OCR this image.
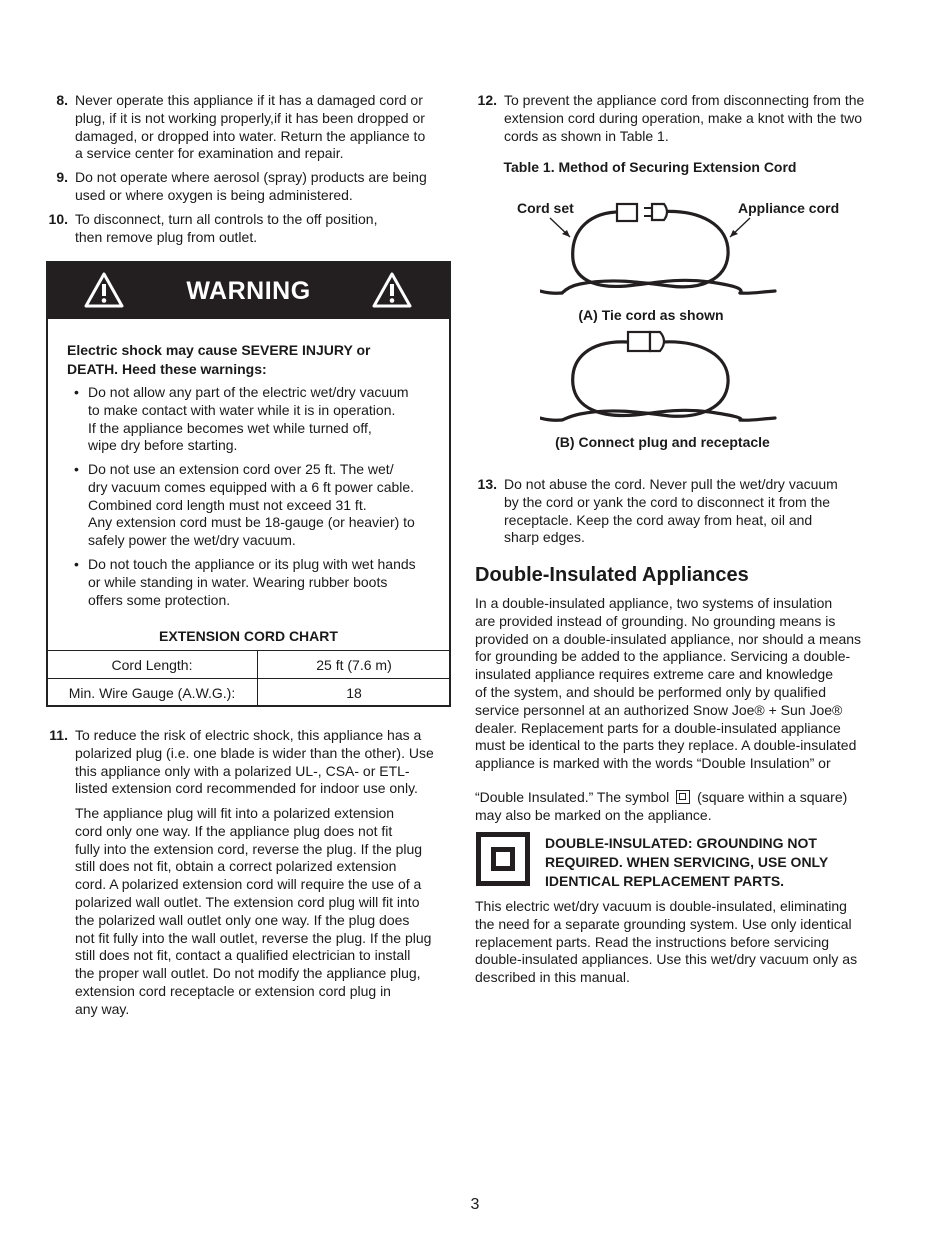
8. Never operate this appliance if it has a damaged cord or
plug, if it is not working properly,if it has been dropped or
damaged, or dropped into water. Return the appliance to
a service center for examination and repair.
9. Do not operate where aerosol (spray) products are being
used or where oxygen is being administered.
10. To disconnect, turn all controls to the off position,
then remove plug from outlet.
WARNING
Electric shock may cause SEVERE INJURY or
DEATH. Heed these warnings:
• Do not allow any part of the electric wet/dry vacuum
to make contact with water while it is in operation.
If the appliance becomes wet while turned off,
wipe dry before starting.
• Do not use an extension cord over 25 ft. The wet/
dry vacuum comes equipped with a 6 ft power cable.
Combined cord length must not exceed 31 ft.
Any extension cord must be 18-gauge (or heavier) to
safely power the wet/dry vacuum.
• Do not touch the appliance or its plug with wet hands
or while standing in water. Wearing rubber boots
offers some protection.
EXTENSION CORD CHART
Cord Length:	25 ft (7.6 m)
Min. Wire Gauge (A.W.G.):	18
11. To reduce the risk of electric shock, this appliance has a
polarized plug (i.e. one blade is wider than the other). Use
this appliance only with a polarized UL-, CSA- or ETL-
listed extension cord recommended for indoor use only.
The appliance plug will fit into a polarized extension
cord only one way. If the appliance plug does not fit
fully into the extension cord, reverse the plug. If the plug
still does not fit, obtain a correct polarized extension
cord. A polarized extension cord will require the use of a
polarized wall outlet. The extension cord plug will fit into
the polarized wall outlet only one way. If the plug does
not fit fully into the wall outlet, reverse the plug. If the plug
still does not fit, contact a qualified electrician to install
the proper wall outlet. Do not modify the appliance plug,
extension cord receptacle or extension cord plug in
any way.
12. To prevent the appliance cord from disconnecting from the
extension cord during operation, make a knot with the two
cords as shown in Table 1.
Table 1. Method of Securing Extension Cord
Cord set	Appliance cord
(A) Tie cord as shown
(B) Connect plug and receptacle
13. Do not abuse the cord. Never pull the wet/dry vacuum
by the cord or yank the cord to disconnect it from the
receptacle. Keep the cord away from heat, oil and
sharp edges.
Double-Insulated Appliances
In a double-insulated appliance, two systems of insulation
are provided instead of grounding. No grounding means is
provided on a double-insulated appliance, nor should a means
for grounding be added to the appliance. Servicing a double-
insulated appliance requires extreme care and knowledge
of the system, and should be performed only by qualified
service personnel at an authorized Snow Joe® + Sun Joe®
dealer. Replacement parts for a double-insulated appliance
must be identical to the parts they replace. A double-insulated
appliance is marked with the words “Double Insulation” or
“Double Insulated.” The symbol (square within a square)
may also be marked on the appliance.
DOUBLE-INSULATED: GROUNDING NOT
REQUIRED. WHEN SERVICING, USE ONLY
IDENTICAL REPLACEMENT PARTS.
This electric wet/dry vacuum is double-insulated, eliminating
the need for a separate grounding system. Use only identical
replacement parts. Read the instructions before servicing
double-insulated appliances. Use this wet/dry vacuum only as
described in this manual.
3
